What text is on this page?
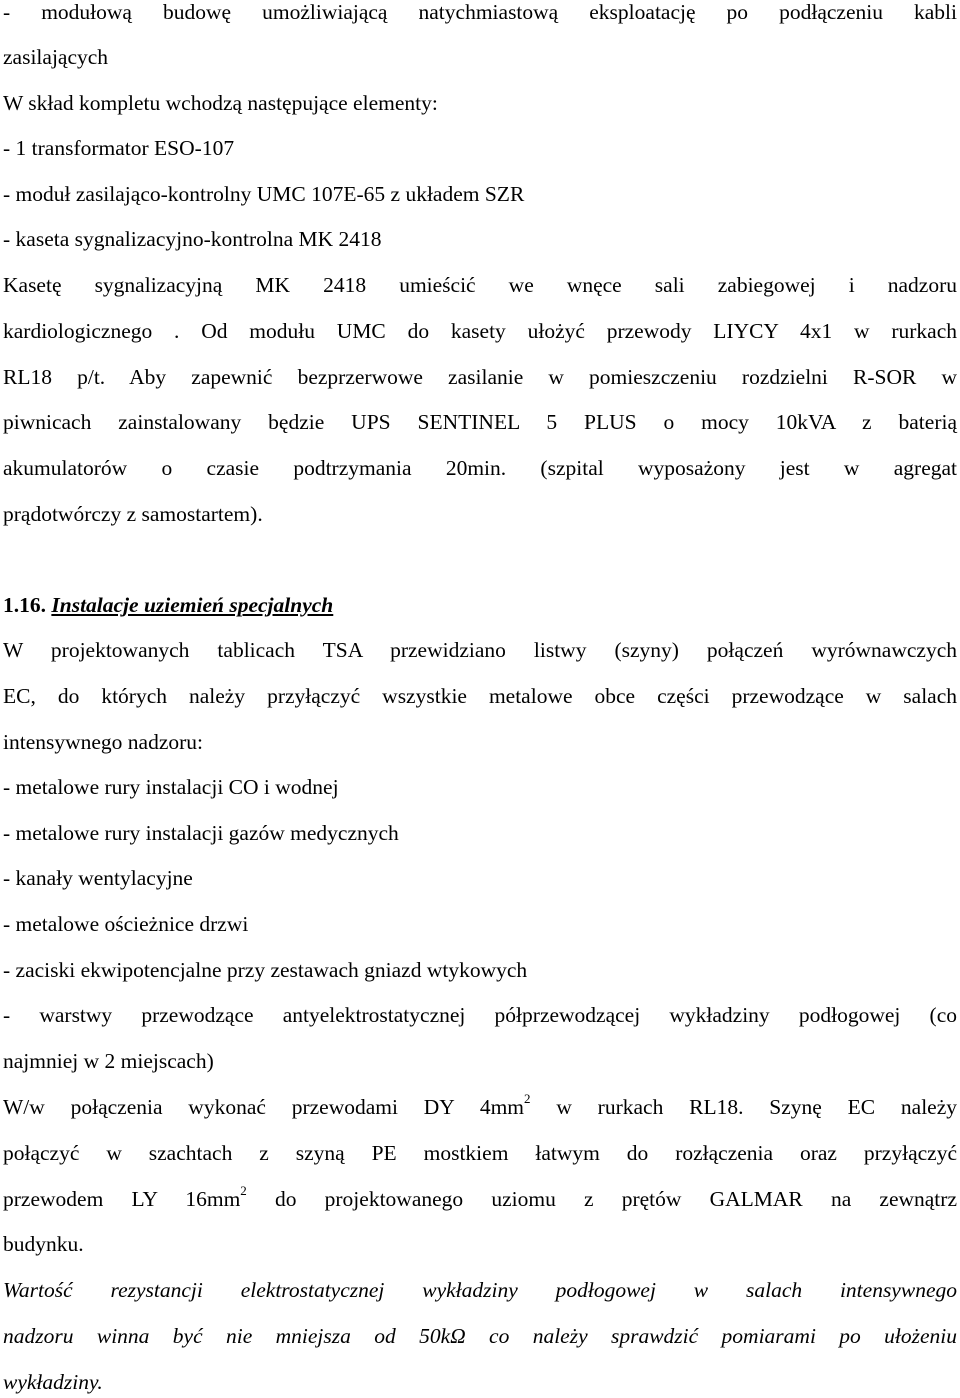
- modułową budowę umożliwiającą natychmiastową eksploatację po podłączeniu kabli
zasilających
W skład kompletu wchodzą następujące elementy:
- 1 transformator ESO-107
- moduł zasilająco-kontrolny UMC 107E-65 z układem SZR
- kaseta sygnalizacyjno-kontrolna MK 2418
Kasetę sygnalizacyjną MK 2418 umieścić we wnęce sali zabiegowej i nadzoru
kardiologicznego . Od modułu UMC do kasety ułożyć przewody LIYCY 4x1 w rurkach
RL18 p/t. Aby zapewnić bezprzerwowe zasilanie w pomieszczeniu rozdzielni R-SOR w
piwnicach zainstalowany będzie UPS SENTINEL 5 PLUS o mocy 10kVA z baterią
akumulatorów o czasie podtrzymania 20min. (szpital wyposażony jest w agregat
prądotwórczy z samostartem).
1.16. Instalacje uziemień specjalnych
W projektowanych tablicach TSA przewidziano listwy (szyny) połączeń wyrównawczych
EC, do których należy przyłączyć wszystkie metalowe obce części przewodzące w salach
intensywnego nadzoru:
- metalowe rury instalacji CO i wodnej
- metalowe rury instalacji gazów medycznych
- kanały wentylacyjne
- metalowe ościeżnice drzwi
- zaciski ekwipotencjalne przy zestawach gniazd wtykowych
- warstwy przewodzące antyelektrostatycznej półprzewodzącej wykładziny podłogowej (co
najmniej w 2 miejscach)
W/w połączenia wykonać przewodami DY $4mm^2$ w rurkach RL18. Szynę EC należy
połączyć w szachtach z szyną PE mostkiem łatwym do rozłączenia oraz przyłączyć
przewodem LY $16mm^2$ do projektowanego uziomu z prętów GALMAR na zewnątrz
budynku.
Wartość rezystancji elektrostatycznej wykładziny podłogowej w salach intensywnego
nadzoru winna być nie mniejsza od 50kΩ co należy sprawdzić pomiarami po ułożeniu
wykładziny.
